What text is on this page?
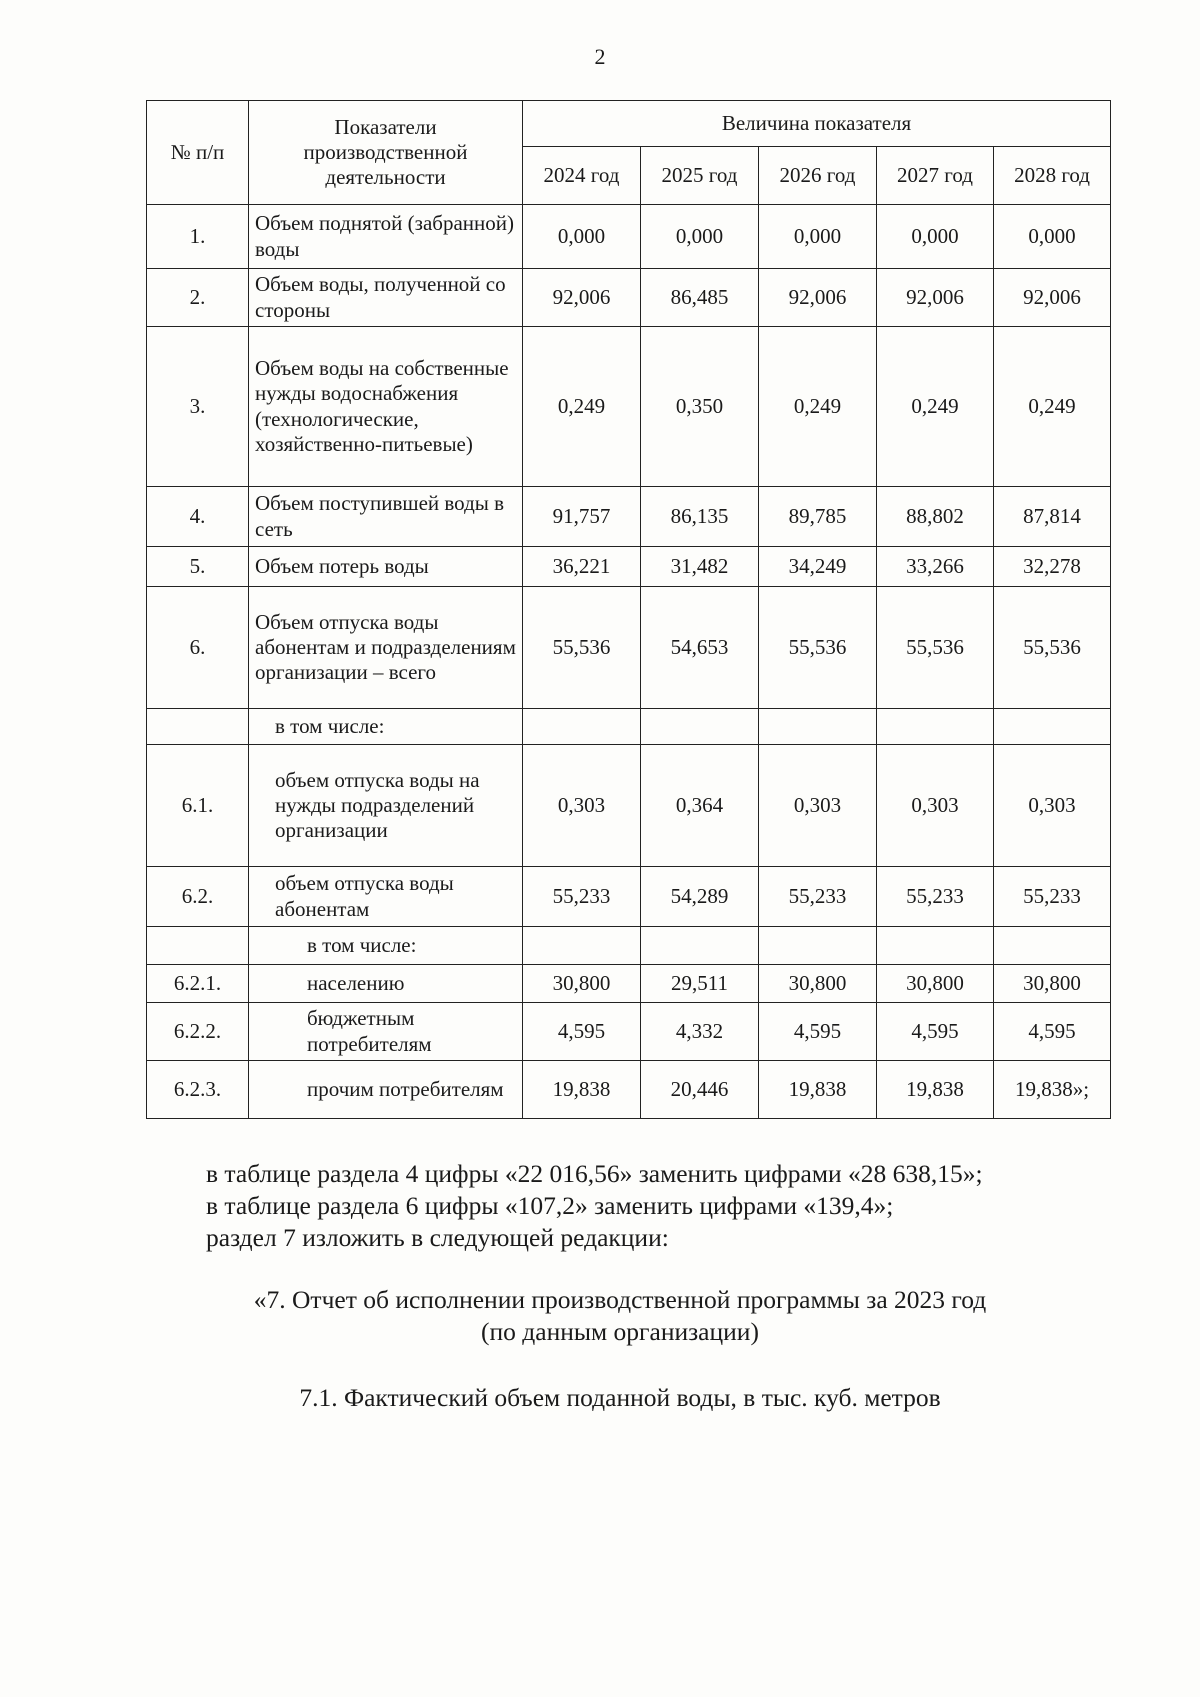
2
№ п/п	Показатели производственной деятельности	Величина показателя				
		2024 год	2025 год	2026 год	2027 год	2028 год
1.	Объем поднятой (забранной) воды	0,000	0,000	0,000	0,000	0,000
2.	Объем воды, полученной со стороны	92,006	86,485	92,006	92,006	92,006
3.	Объем воды на собственные нужды водоснабжения (технологические, хозяйственно-питьевые)	0,249	0,350	0,249	0,249	0,249
4.	Объем поступившей воды в сеть	91,757	86,135	89,785	88,802	87,814
5.	Объем потерь воды	36,221	31,482	34,249	33,266	32,278
6.	Объем отпуска воды абонентам и подразделениям организации – всего	55,536	54,653	55,536	55,536	55,536
	в том числе:					
6.1.	объем отпуска воды на нужды подразделений организации	0,303	0,364	0,303	0,303	0,303
6.2.	объем отпуска воды абонентам	55,233	54,289	55,233	55,233	55,233
	в том числе:					
6.2.1.	населению	30,800	29,511	30,800	30,800	30,800
6.2.2.	бюджетным потребителям	4,595	4,332	4,595	4,595	4,595
6.2.3.	прочим потребителям	19,838	20,446	19,838	19,838	19,838»;
в таблице раздела 4 цифры «22 016,56» заменить цифрами «28 638,15»;
в таблице раздела 6 цифры «107,2» заменить цифрами «139,4»;
раздел 7 изложить в следующей редакции:
«7. Отчет об исполнении производственной программы за 2023 год
(по данным организации)
7.1. Фактический объем поданной воды, в тыс. куб. метров
